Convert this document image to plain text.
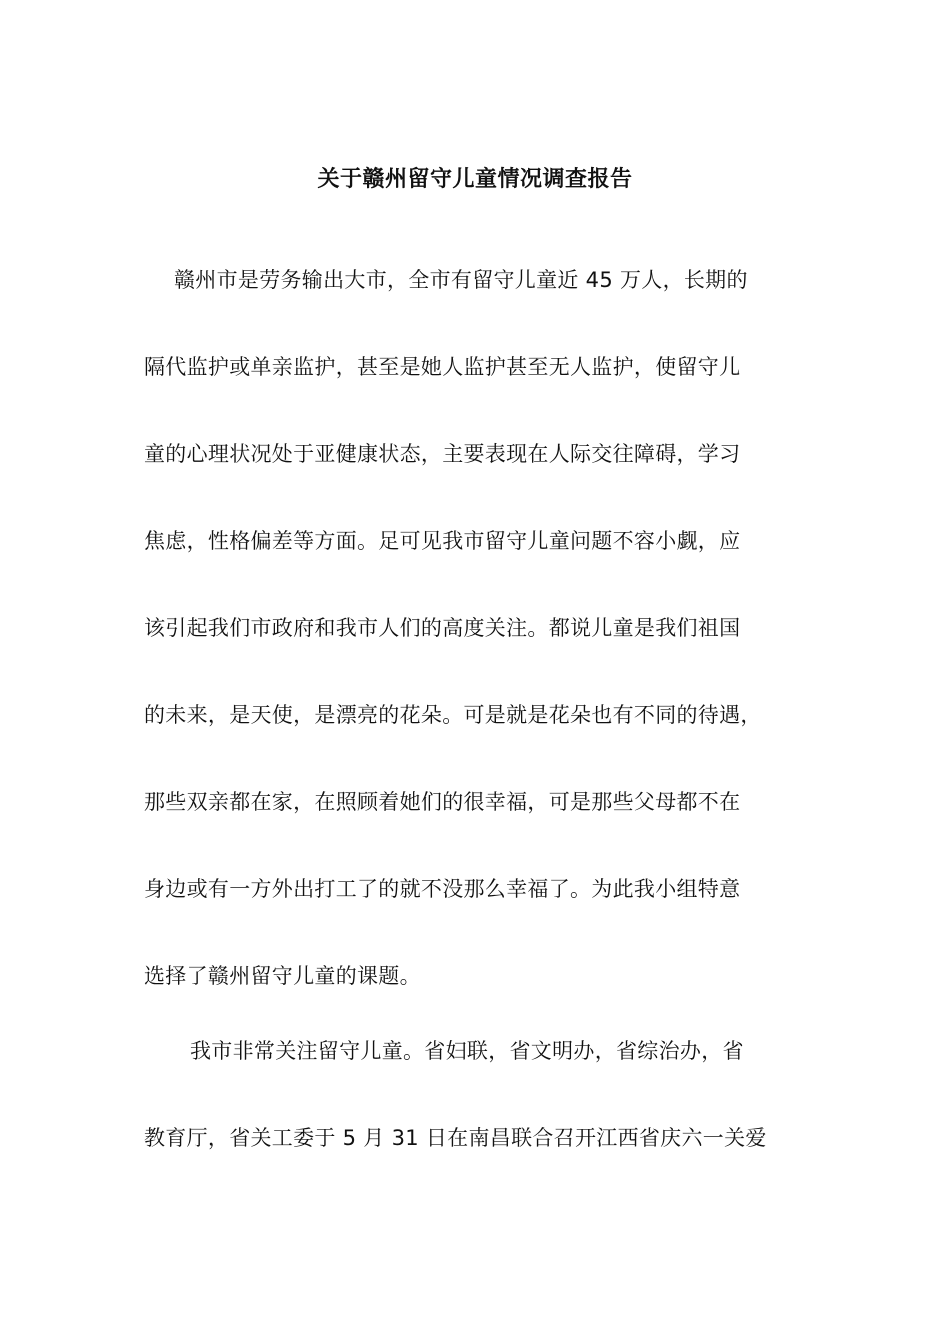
关于赣州留守儿童情况调查报告
赣州市是劳务输出大市，全市有留守儿童近 45 万人，长期的
隔代监护或单亲监护，甚至是她人监护甚至无人监护，使留守儿
童的心理状况处于亚健康状态，主要表现在人际交往障碍，学习
焦虑，性格偏差等方面。足可见我市留守儿童问题不容小觑，应
该引起我们市政府和我市人们的高度关注。都说儿童是我们祖国
的未来，是天使，是漂亮的花朵。可是就是花朵也有不同的待遇，
那些双亲都在家，在照顾着她们的很幸福，可是那些父母都不在
身边或有一方外出打工了的就不没那么幸福了。为此我小组特意
选择了赣州留守儿童的课题。
我市非常关注留守儿童。省妇联，省文明办，省综治办，省
教育厅，省关工委于 5 月 31 日在南昌联合召开江西省庆六一关爱
